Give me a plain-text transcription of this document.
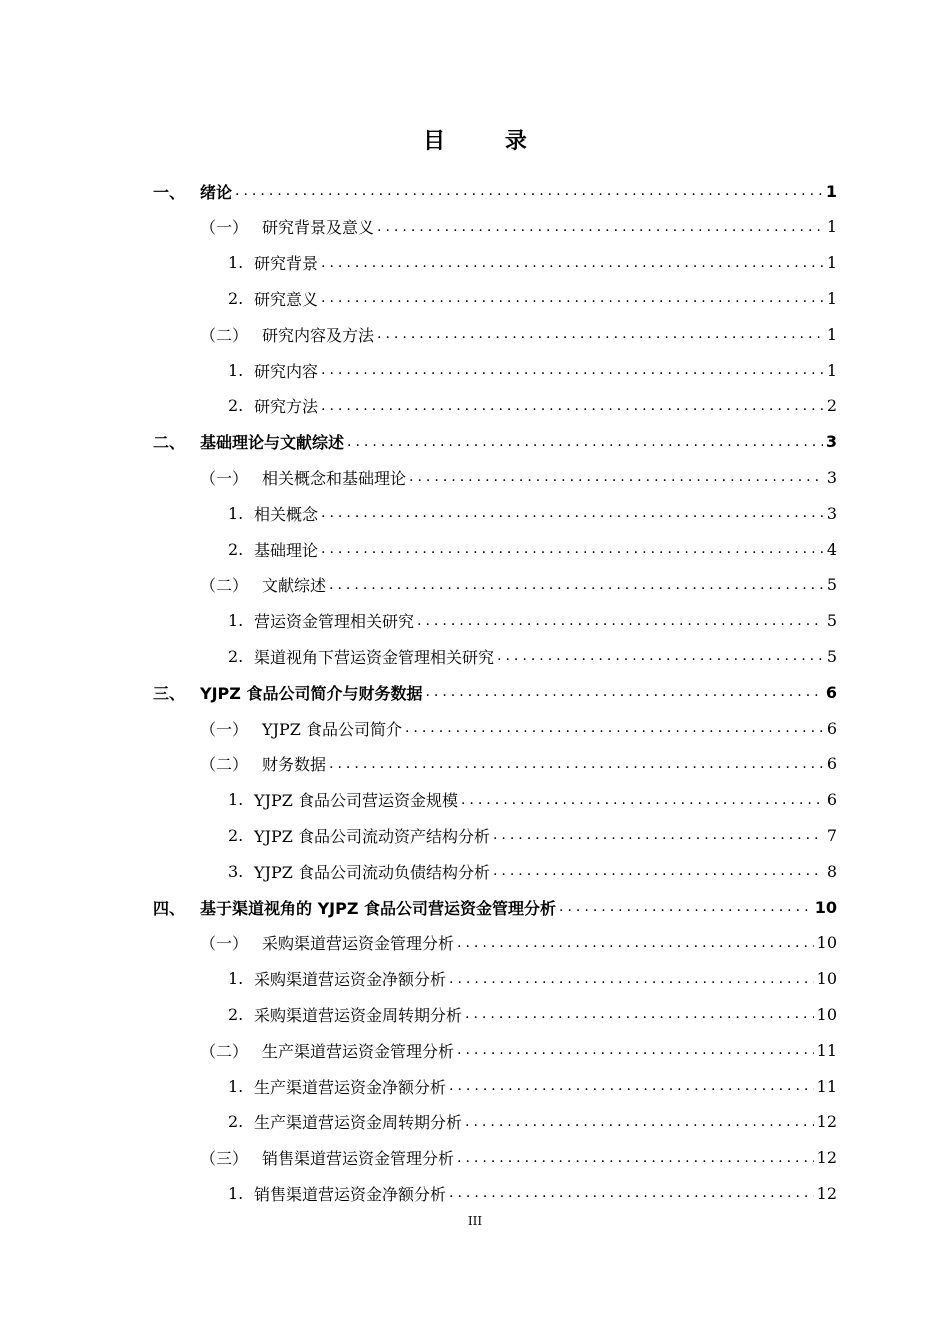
目 录
一、 绪论 .....	1
（一） 研究背景及意义 .....	1
1. 研究背景 .....	1
2. 研究意义 .....	1
（二） 研究内容及方法 .....	1
1. 研究内容 .....	1
2. 研究方法 .....	2
二、 基础理论与文献综述 .....	3
（一） 相关概念和基础理论 .....	3
1. 相关概念 .....	3
2. 基础理论 .....	4
（二） 文献综述 .....	5
1. 营运资金管理相关研究 .....	5
2. 渠道视角下营运资金管理相关研究 .....	5
三、 YJPZ 食品公司简介与财务数据 .....	6
（一） YJPZ 食品公司简介 .....	6
（二） 财务数据 .....	6
1. YJPZ 食品公司营运资金规模 .....	6
2. YJPZ 食品公司流动资产结构分析 .....	7
3. YJPZ 食品公司流动负债结构分析 .....	8
四、 基于渠道视角的 YJPZ 食品公司营运资金管理分析 .....	10
（一） 采购渠道营运资金管理分析 .....	10
1. 采购渠道营运资金净额分析 .....	10
2. 采购渠道营运资金周转期分析 .....	10
（二） 生产渠道营运资金管理分析 .....	11
1. 生产渠道营运资金净额分析 .....	11
2. 生产渠道营运资金周转期分析 .....	12
（三） 销售渠道营运资金管理分析 .....	12
1. 销售渠道营运资金净额分析 .....	12
III
